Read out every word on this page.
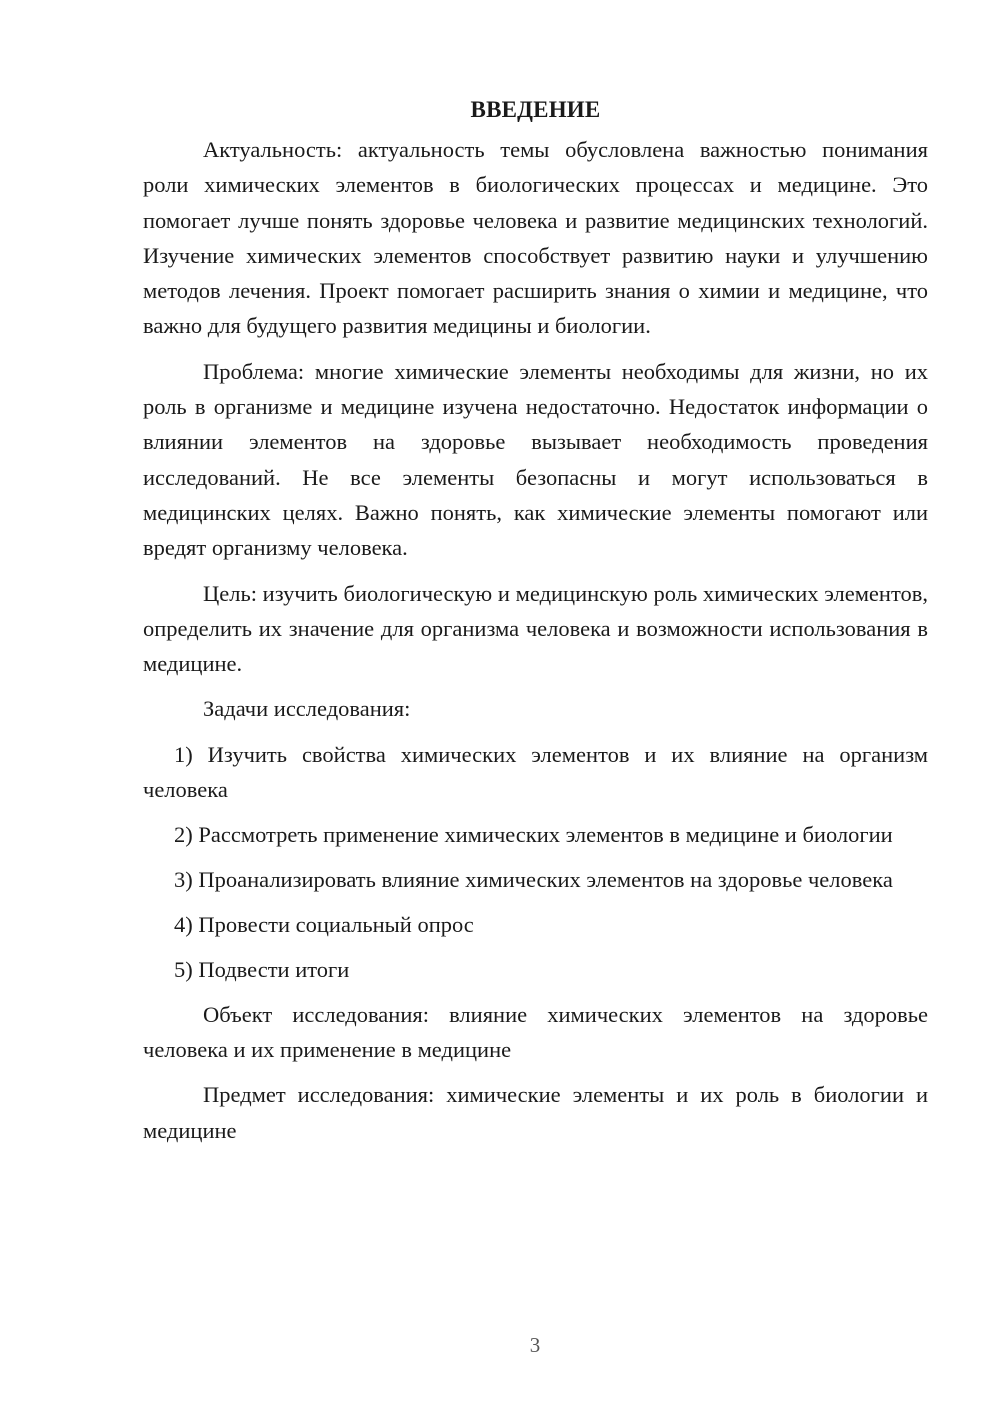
ВВЕДЕНИЕ

Актуальность: актуальность темы обусловлена важностью понимания роли химических элементов в биологических процессах и медицине. Это помогает лучше понять здоровье человека и развитие медицинских технологий. Изучение химических элементов способствует развитию науки и улучшению методов лечения. Проект помогает расширить знания о химии и медицине, что важно для будущего развития медицины и биологии.

Проблема: многие химические элементы необходимы для жизни, но их роль в организме и медицине изучена недостаточно. Недостаток информации о влиянии элементов на здоровье вызывает необходимость проведения исследований. Не все элементы безопасны и могут использоваться в медицинских целях. Важно понять, как химические элементы помогают или вредят организму человека.

Цель: изучить биологическую и медицинскую роль химических элементов, определить их значение для организма человека и возможности использования в медицине.

Задачи исследования:

1) Изучить свойства химических элементов и их влияние на организм человека

2) Рассмотреть применение химических элементов в медицине и биологии

3) Проанализировать влияние химических элементов на здоровье человека

4) Провести социальный опрос

5) Подвести итоги

Объект исследования: влияние химических элементов на здоровье человека и их применение в медицине

Предмет исследования: химические элементы и их роль в биологии и медицине

3
